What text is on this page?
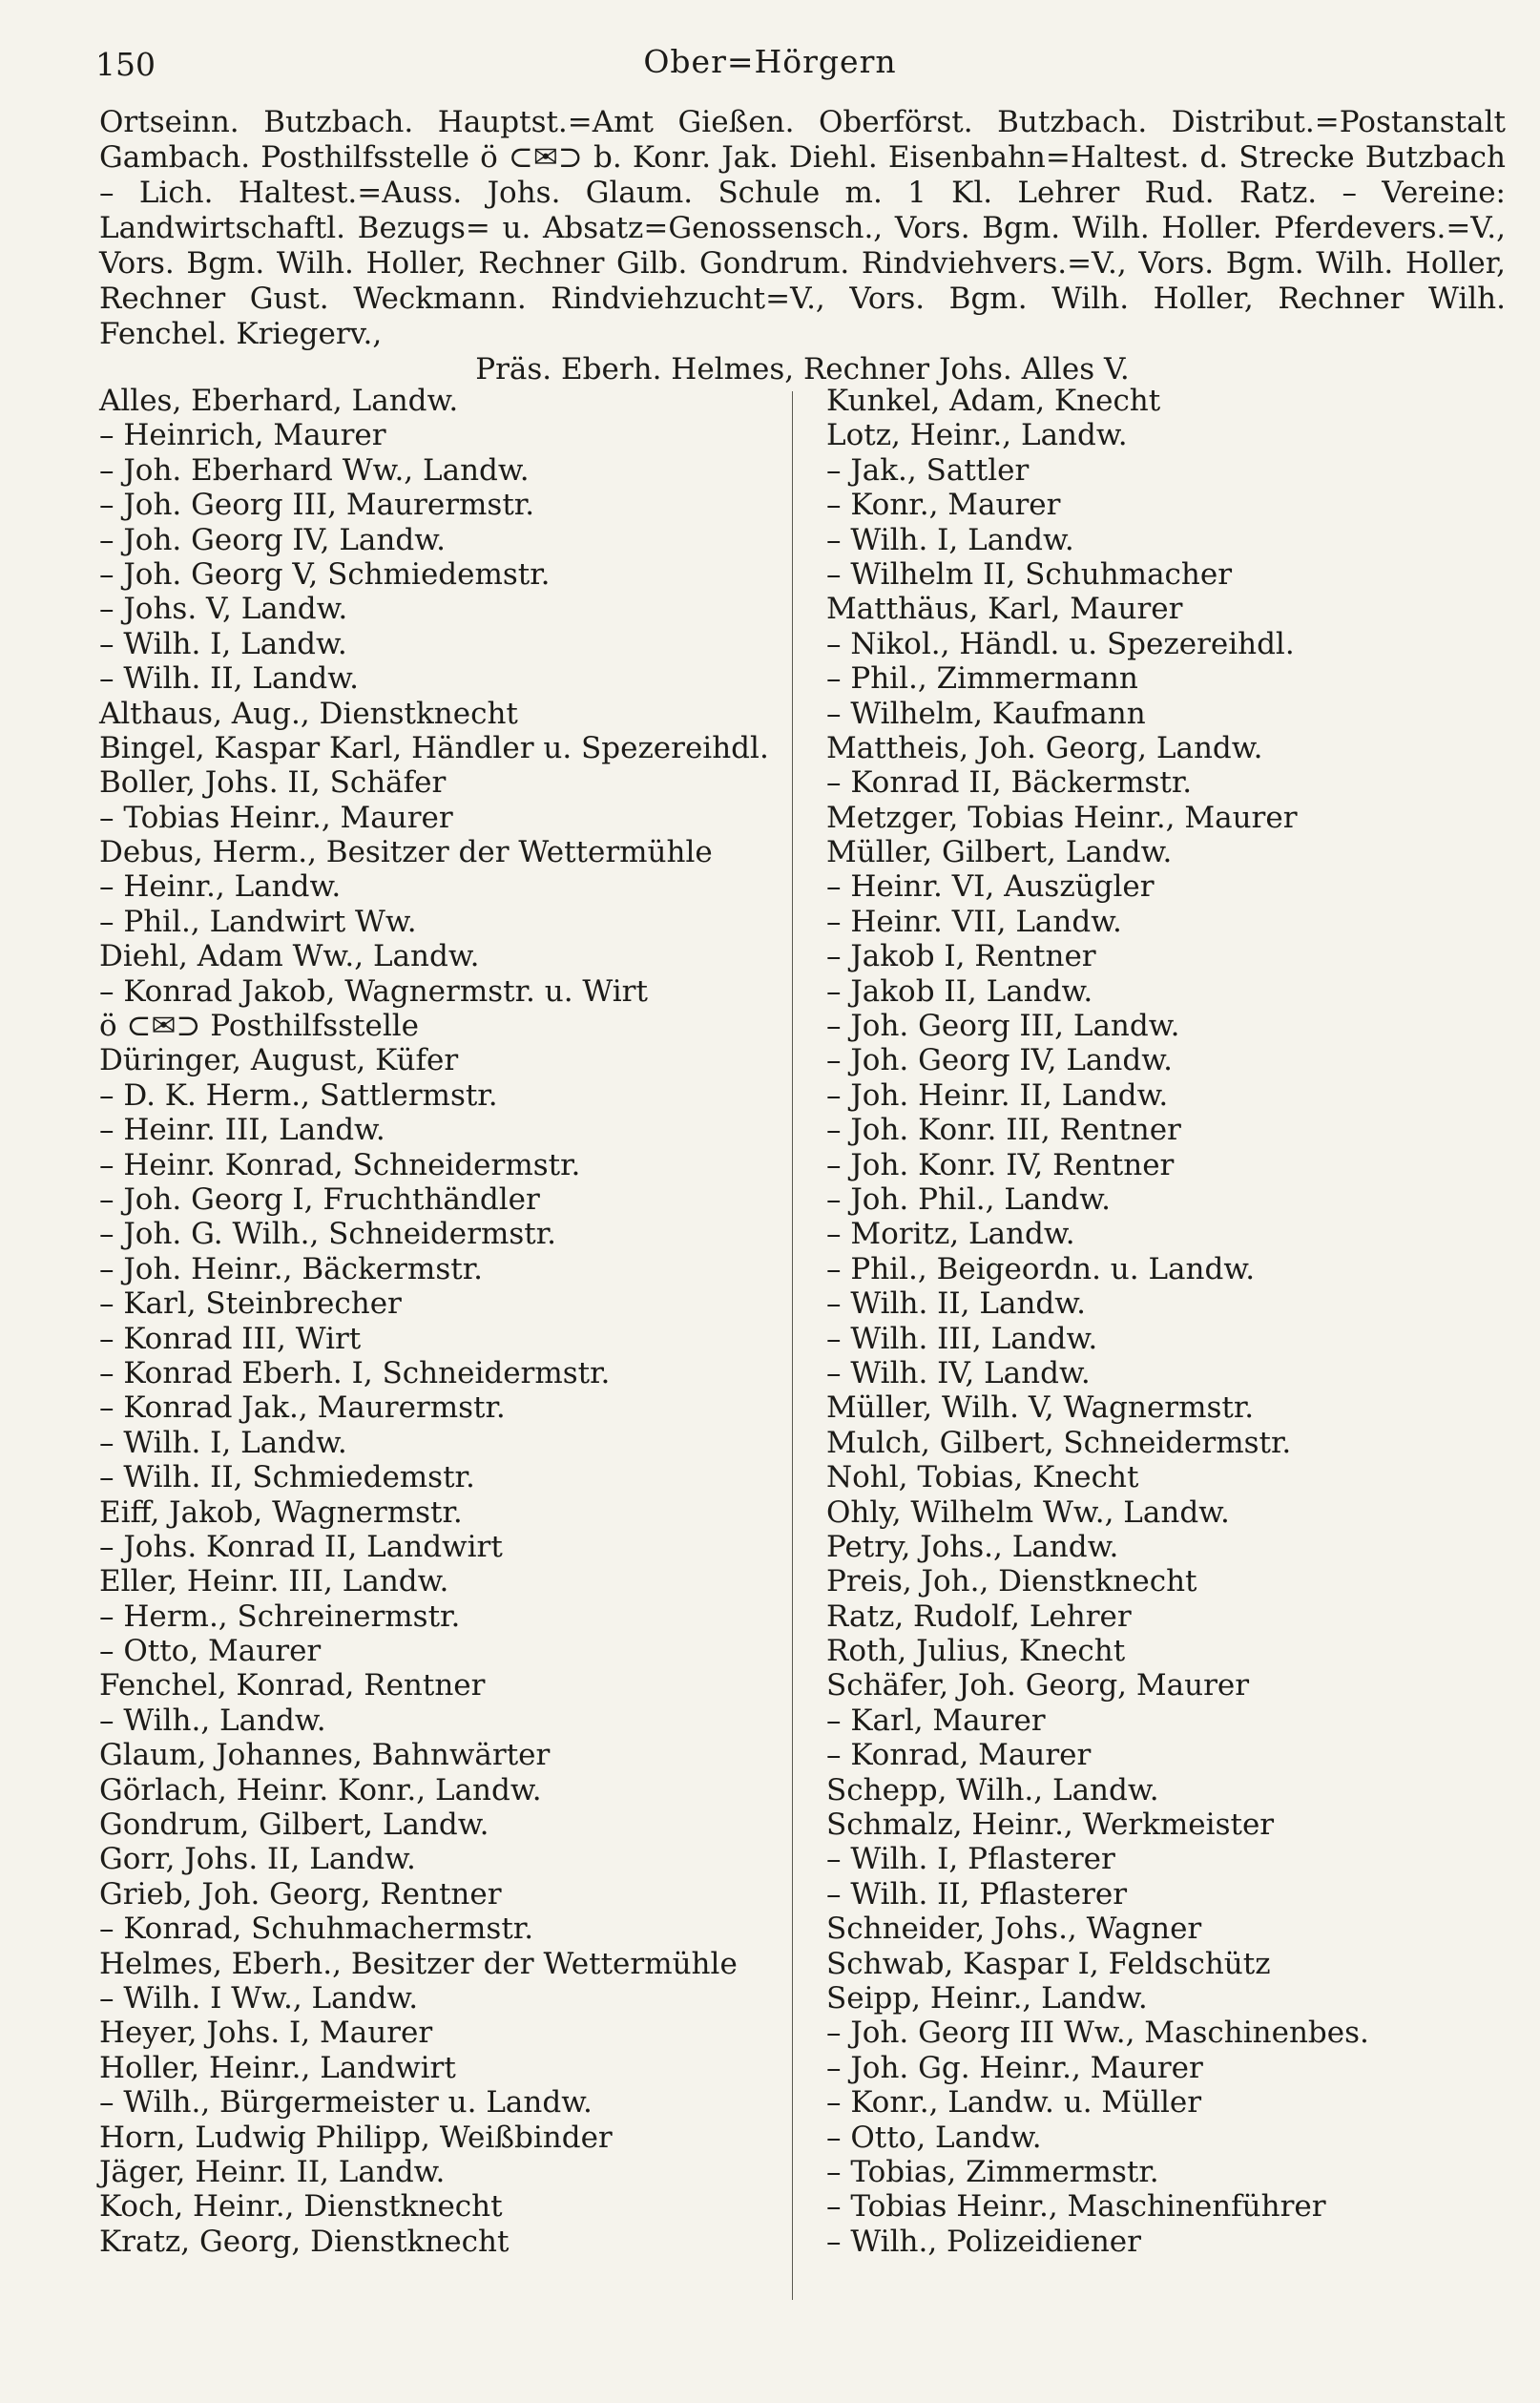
150	Ober=Hörgern
Ortseinn. Butzbach. Hauptst.=Amt Gießen. Oberförst. Butzbach. Distribut.=Postanstalt Gambach. Posthilfsstelle ö ⊂✉⊃ b. Konr. Jak. Diehl. Eisenbahn=Haltest. d. Strecke Butzbach – Lich. Haltest.=Auss. Johs. Glaum. Schule m. 1 Kl. Lehrer Rud. Ratz. – Vereine: Landwirtschaftl. Bezugs= u. Absatz=Genossensch., Vors. Bgm. Wilh. Holler. Pferdevers.=V., Vors. Bgm. Wilh. Holler, Rechner Gilb. Gondrum. Rindviehvers.=V., Vors. Bgm. Wilh. Holler, Rechner Gust. Weckmann. Rindviehzucht=V., Vors. Bgm. Wilh. Holler, Rechner Wilh. Fenchel. Kriegerv.,
Präs. Eberh. Helmes, Rechner Johs. Alles V.
Alles, Eberhard, Landw.
– Heinrich, Maurer
– Joh. Eberhard Ww., Landw.
– Joh. Georg III, Maurermstr.
– Joh. Georg IV, Landw.
– Joh. Georg V, Schmiedemstr.
– Johs. V, Landw.
– Wilh. I, Landw.
– Wilh. II, Landw.
Althaus, Aug., Dienstknecht
Bingel, Kaspar Karl, Händler u. Spezereihdl.
Boller, Johs. II, Schäfer
– Tobias Heinr., Maurer
Debus, Herm., Besitzer der Wettermühle
– Heinr., Landw.
– Phil., Landwirt Ww.
Diehl, Adam Ww., Landw.
– Konrad Jakob, Wagnermstr. u. Wirt
ö ⊂✉⊃ Posthilfsstelle
Düringer, August, Küfer
– D. K. Herm., Sattlermstr.
– Heinr. III, Landw.
– Heinr. Konrad, Schneidermstr.
– Joh. Georg I, Fruchthändler
– Joh. G. Wilh., Schneidermstr.
– Joh. Heinr., Bäckermstr.
– Karl, Steinbrecher
– Konrad III, Wirt
– Konrad Eberh. I, Schneidermstr.
– Konrad Jak., Maurermstr.
– Wilh. I, Landw.
– Wilh. II, Schmiedemstr.
Eiff, Jakob, Wagnermstr.
– Johs. Konrad II, Landwirt
Eller, Heinr. III, Landw.
– Herm., Schreinermstr.
– Otto, Maurer
Fenchel, Konrad, Rentner
– Wilh., Landw.
Glaum, Johannes, Bahnwärter
Görlach, Heinr. Konr., Landw.
Gondrum, Gilbert, Landw.
Gorr, Johs. II, Landw.
Grieb, Joh. Georg, Rentner
– Konrad, Schuhmachermstr.
Helmes, Eberh., Besitzer der Wettermühle
– Wilh. I Ww., Landw.
Heyer, Johs. I, Maurer
Holler, Heinr., Landwirt
– Wilh., Bürgermeister u. Landw.
Horn, Ludwig Philipp, Weißbinder
Jäger, Heinr. II, Landw.
Koch, Heinr., Dienstknecht
Kratz, Georg, Dienstknecht
Kunkel, Adam, Knecht
Lotz, Heinr., Landw.
– Jak., Sattler
– Konr., Maurer
– Wilh. I, Landw.
– Wilhelm II, Schuhmacher
Matthäus, Karl, Maurer
– Nikol., Händl. u. Spezereihdl.
– Phil., Zimmermann
– Wilhelm, Kaufmann
Mattheis, Joh. Georg, Landw.
– Konrad II, Bäckermstr.
Metzger, Tobias Heinr., Maurer
Müller, Gilbert, Landw.
– Heinr. VI, Auszügler
– Heinr. VII, Landw.
– Jakob I, Rentner
– Jakob II, Landw.
– Joh. Georg III, Landw.
– Joh. Georg IV, Landw.
– Joh. Heinr. II, Landw.
– Joh. Konr. III, Rentner
– Joh. Konr. IV, Rentner
– Joh. Phil., Landw.
– Moritz, Landw.
– Phil., Beigeordn. u. Landw.
– Wilh. II, Landw.
– Wilh. III, Landw.
– Wilh. IV, Landw.
Müller, Wilh. V, Wagnermstr.
Mulch, Gilbert, Schneidermstr.
Nohl, Tobias, Knecht
Ohly, Wilhelm Ww., Landw.
Petry, Johs., Landw.
Preis, Joh., Dienstknecht
Ratz, Rudolf, Lehrer
Roth, Julius, Knecht
Schäfer, Joh. Georg, Maurer
– Karl, Maurer
– Konrad, Maurer
Schepp, Wilh., Landw.
Schmalz, Heinr., Werkmeister
– Wilh. I, Pflasterer
– Wilh. II, Pflasterer
Schneider, Johs., Wagner
Schwab, Kaspar I, Feldschütz
Seipp, Heinr., Landw.
– Joh. Georg III Ww., Maschinenbes.
– Joh. Gg. Heinr., Maurer
– Konr., Landw. u. Müller
– Otto, Landw.
– Tobias, Zimmermstr.
– Tobias Heinr., Maschinenführer
– Wilh., Polizeidiener
